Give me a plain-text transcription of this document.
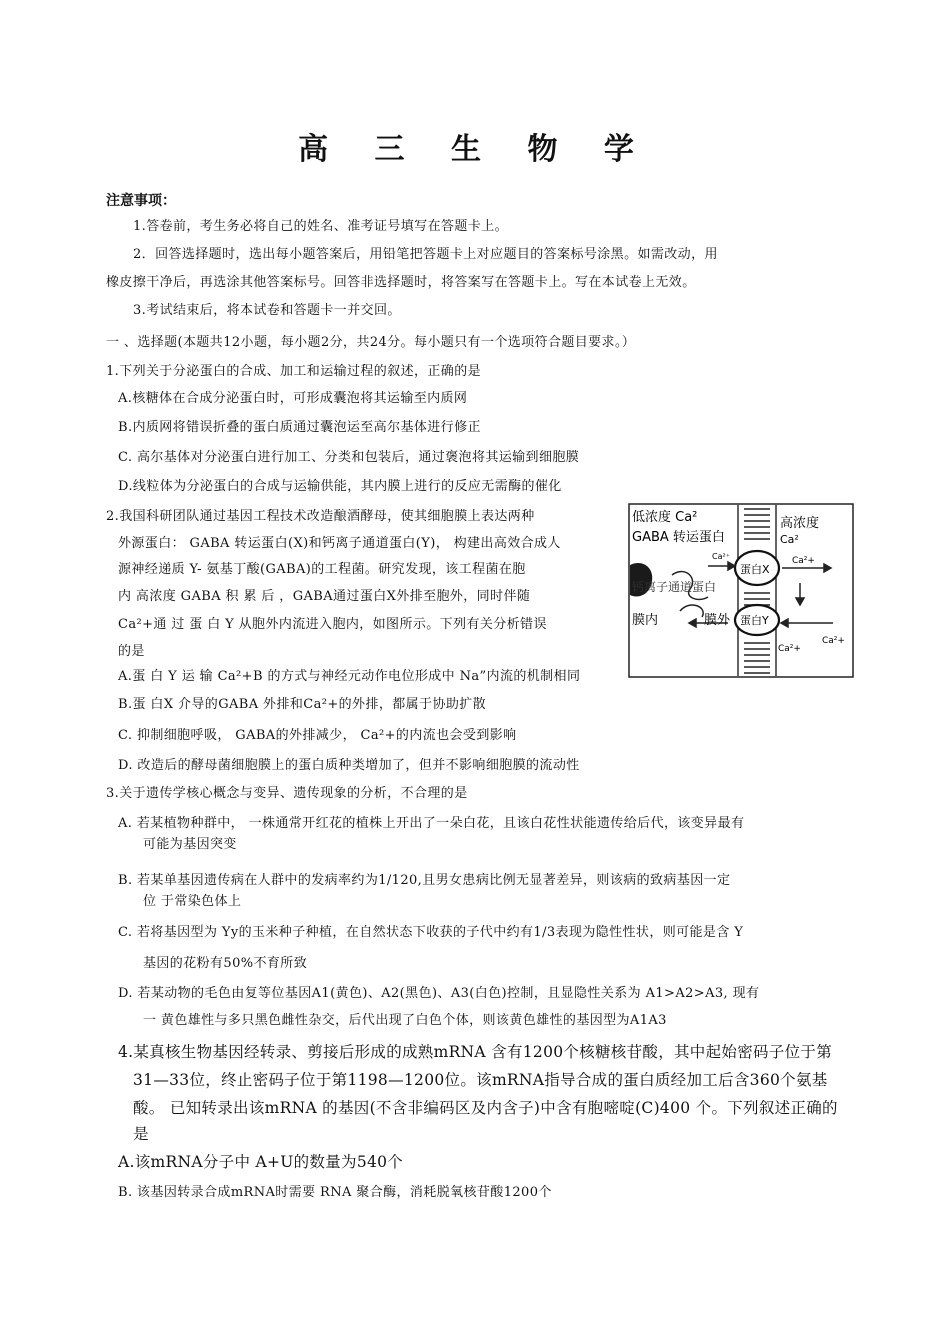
高 三 生 物 学
注意事项：
1.答卷前，考生务必将自己的姓名、准考证号填写在答题卡上。
2．回答选择题时，选出每小题答案后，用铅笔把答题卡上对应题目的答案标号涂黑。如需改动，用
橡皮擦干净后，再选涂其他答案标号。回答非选择题时，将答案写在答题卡上。写在本试卷上无效。
3.考试结束后，将本试卷和答题卡一并交回。
一 、选择题(本题共12小题，每小题2分，共24分。每小题只有一个选项符合题目要求。）
1.下列关于分泌蛋白的合成、加工和运输过程的叙述，正确的是
A.核糖体在合成分泌蛋白时，可形成囊泡将其运输至内质网
B.内质网将错误折叠的蛋白质通过囊泡运至高尔基体进行修正
C. 高尔基体对分泌蛋白进行加工、分类和包装后，通过褒泡将其运输到细胞膜
D.线粒体为分泌蛋白的合成与运输供能，其内膜上进行的反应无需酶的催化
2.我国科研团队通过基因工程技术改造酿酒酵母，使其细胞膜上表达两种
外源蛋白： GABA 转运蛋白(X)和钙离子通道蛋白(Y)， 构建出高效合成人
源神经递质 Y- 氨基丁酸(GABA)的工程菌。研究发现，该工程菌在胞
内 高浓度 GABA 积 累 后 ，GABA通过蛋白X外排至胞外，同时伴随
Ca²+通 过 蛋 白 Y 从胞外内流进入胞内，如图所示。下列有关分析错误
的是
A.蛋 白 Y 运 输 Ca²+B 的方式与神经元动作电位形成中 Na”内流的机制相同
B.蛋 白X 介导的GABA 外排和Ca²+的外排，都属于协助扩散
C. 抑制细胞呼吸， GABA的外排减少， Ca²+的内流也会受到影响
D. 改造后的酵母菌细胞膜上的蛋白质种类增加了，但并不影响细胞膜的流动性
低浓度 Ca²
GABA 转运蛋白
高浓度
Ca²
蛋白X
蛋白Y
钙离子通道蛋白
膜内	膜外
Ca²⁺	Ca²+
Ca²+
Ca²+
3.关于遗传学核心概念与变异、遗传现象的分析，不合理的是
A. 若某植物种群中， 一株通常开红花的植株上开出了一朵白花，且该白花性状能遗传给后代，该变异最有
可能为基因突变
B. 若某单基因遗传病在人群中的发病率约为1/120,且男女患病比例无显著差异，则该病的致病基因一定
位 于常染色体上
C. 若将基因型为 Yy的玉米种子种植，在自然状态下收获的子代中约有1/3表现为隐性性状，则可能是含 Y
基因的花粉有50%不育所致
D. 若某动物的毛色由复等位基因A1(黄色)、A2(黑色)、A3(白色)控制，且显隐性关系为 A1>A2>A3, 现有
一 黄色雄性与多只黑色雌性杂交，后代出现了白色个体，则该黄色雄性的基因型为A1A3
4.某真核生物基因经转录、剪接后形成的成熟mRNA 含有1200个核糖核苷酸，其中起始密码子位于第
31—33位，终止密码子位于第1198—1200位。该mRNA指导合成的蛋白质经加工后含360个氨基
酸。 已知转录出该mRNA 的基因(不含非编码区及内含子)中含有胞嘧啶(C)400 个。下列叙述正确的
是
A.该mRNA分子中 A+U的数量为540个
B. 该基因转录合成mRNA时需要 RNA 聚合酶，消耗脱氧核苷酸1200个
